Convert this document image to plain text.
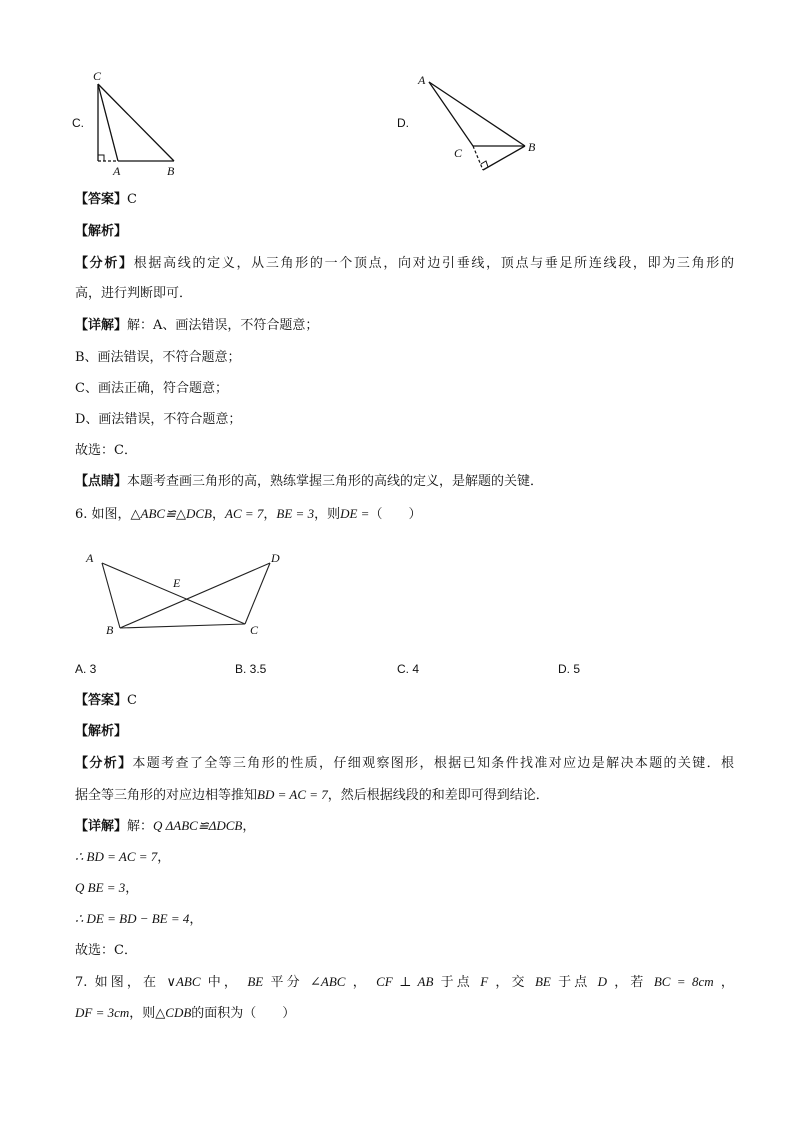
C.
C
A	B
D.
A
C	B
【答案】C
【解析】
【分析】根据高线的定义，从三角形的一个顶点，向对边引垂线，顶点与垂足所连线段，即为三角形的
高，进行判断即可．
【详解】解：A、画法错误，不符合题意；
B、画法错误，不符合题意；
C、画法正确，符合题意；
D、画法错误，不符合题意；
故选：C．
【点睛】本题考查画三角形的高，熟练掌握三角形的高线的定义，是解题的关键．
6. 如图，△ABC≌△DCB，AC = 7，BE = 3，则DE =（　　）
A	D
E
B	C
A. 3	B. 3.5	C. 4	D. 5
【答案】C
【解析】
【分析】本题考查了全等三角形的性质，仔细观察图形，根据已知条件找准对应边是解决本题的关键．根
据全等三角形的对应边相等推知BD = AC = 7，然后根据线段的和差即可得到结论．
【详解】解：Q ΔABC≌ΔDCB，
∴ BD = AC = 7，
Q BE = 3，
∴ DE = BD − BE = 4，
故选：C．
7. 如图，在 ∨ABC 中， BE 平分 ∠ABC ， CF ⊥ AB 于点 F ，交 BE 于点 D ，若 BC = 8cm ，
DF = 3cm，则△CDB的面积为（　　）
